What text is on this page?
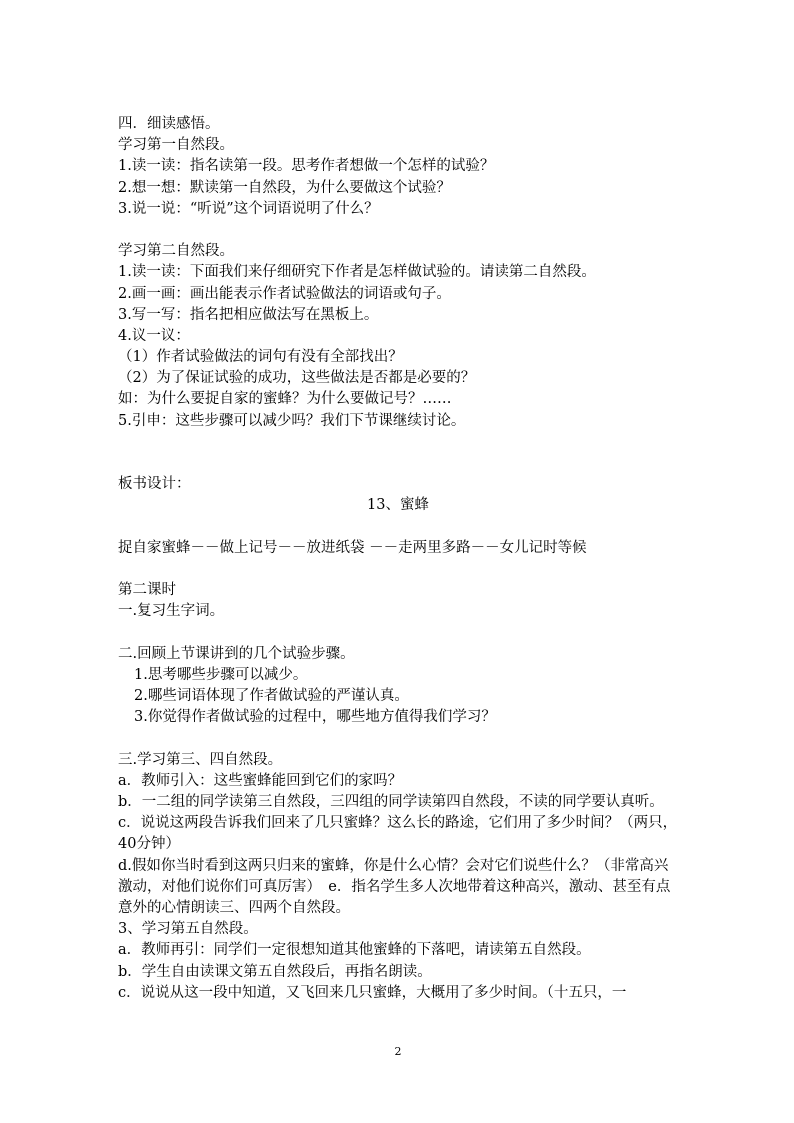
四．细读感悟。
学习第一自然段。
1.读一读：指名读第一段。思考作者想做一个怎样的试验？
2.想一想：默读第一自然段，为什么要做这个试验？
3.说一说：“听说”这个词语说明了什么？
学习第二自然段。
1.读一读：下面我们来仔细研究下作者是怎样做试验的。请读第二自然段。
2.画一画：画出能表示作者试验做法的词语或句子。
3.写一写：指名把相应做法写在黑板上。
4.议一议：
（1）作者试验做法的词句有没有全部找出？
（2）为了保证试验的成功，这些做法是否都是必要的？
如：为什么要捉自家的蜜蜂？为什么要做记号？……
5.引申：这些步骤可以减少吗？我们下节课继续讨论。
板书设计：
13、蜜蜂
捉自家蜜蜂－－做上记号－－放进纸袋 －－走两里多路－－女儿记时等候
第二课时
一.复习生字词。
二.回顾上节课讲到的几个试验步骤。
1.思考哪些步骤可以减少。
2.哪些词语体现了作者做试验的严谨认真。
3.你觉得作者做试验的过程中，哪些地方值得我们学习？
三.学习第三、四自然段。
a．教师引入：这些蜜蜂能回到它们的家吗？
b．一二组的同学读第三自然段，三四组的同学读第四自然段，不读的同学要认真听。
c．说说这两段告诉我们回来了几只蜜蜂？这么长的路途，它们用了多少时间？（两只，40分钟）
d.假如你当时看到这两只归来的蜜蜂，你是什么心情？会对它们说些什么？（非常高兴激动，对他们说你们可真厉害）　e．指名学生多人次地带着这种高兴，激动、甚至有点意外的心情朗读三、四两个自然段。
3、学习第五自然段。
a．教师再引：同学们一定很想知道其他蜜蜂的下落吧，请读第五自然段。
b．学生自由读课文第五自然段后，再指名朗读。
c．说说从这一段中知道，又飞回来几只蜜蜂，大概用了多少时间。（十五只，一
2
